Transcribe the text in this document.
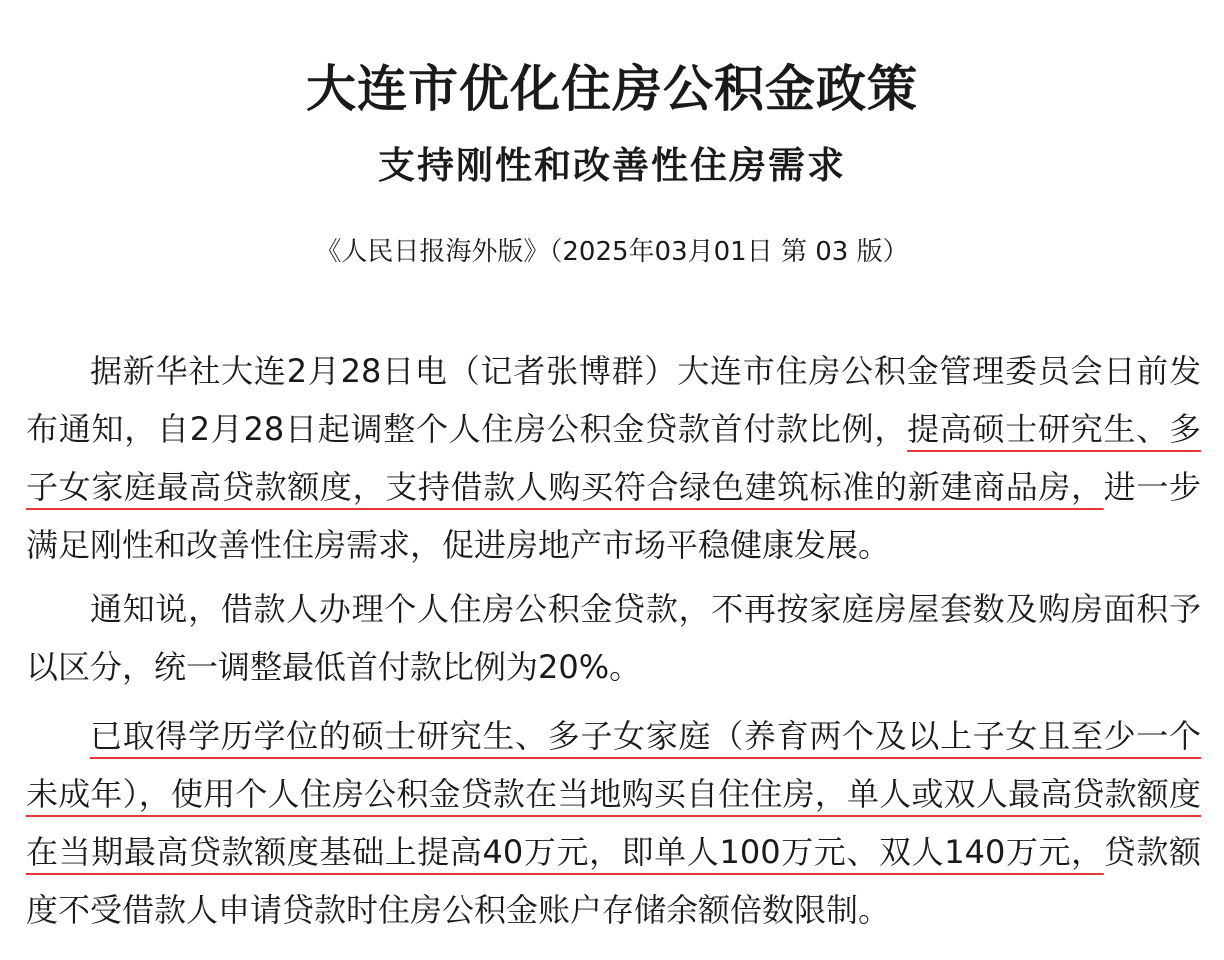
大连市优化住房公积金政策
支持刚性和改善性住房需求

《人民日报海外版》（2025年03月01日 第 03 版）

据新华社大连2月28日电（记者张博群）大连市住房公积金管理委员会日前发布通知，自2月28日起调整个人住房公积金贷款首付款比例，提高硕士研究生、多子女家庭最高贷款额度，支持借款人购买符合绿色建筑标准的新建商品房，进一步满足刚性和改善性住房需求，促进房地产市场平稳健康发展。

通知说，借款人办理个人住房公积金贷款，不再按家庭房屋套数及购房面积予以区分，统一调整最低首付款比例为20%。

已取得学历学位的硕士研究生、多子女家庭（养育两个及以上子女且至少一个未成年），使用个人住房公积金贷款在当地购买自住住房，单人或双人最高贷款额度在当期最高贷款额度基础上提高40万元，即单人100万元、双人140万元，贷款额度不受借款人申请贷款时住房公积金账户存储余额倍数限制。
